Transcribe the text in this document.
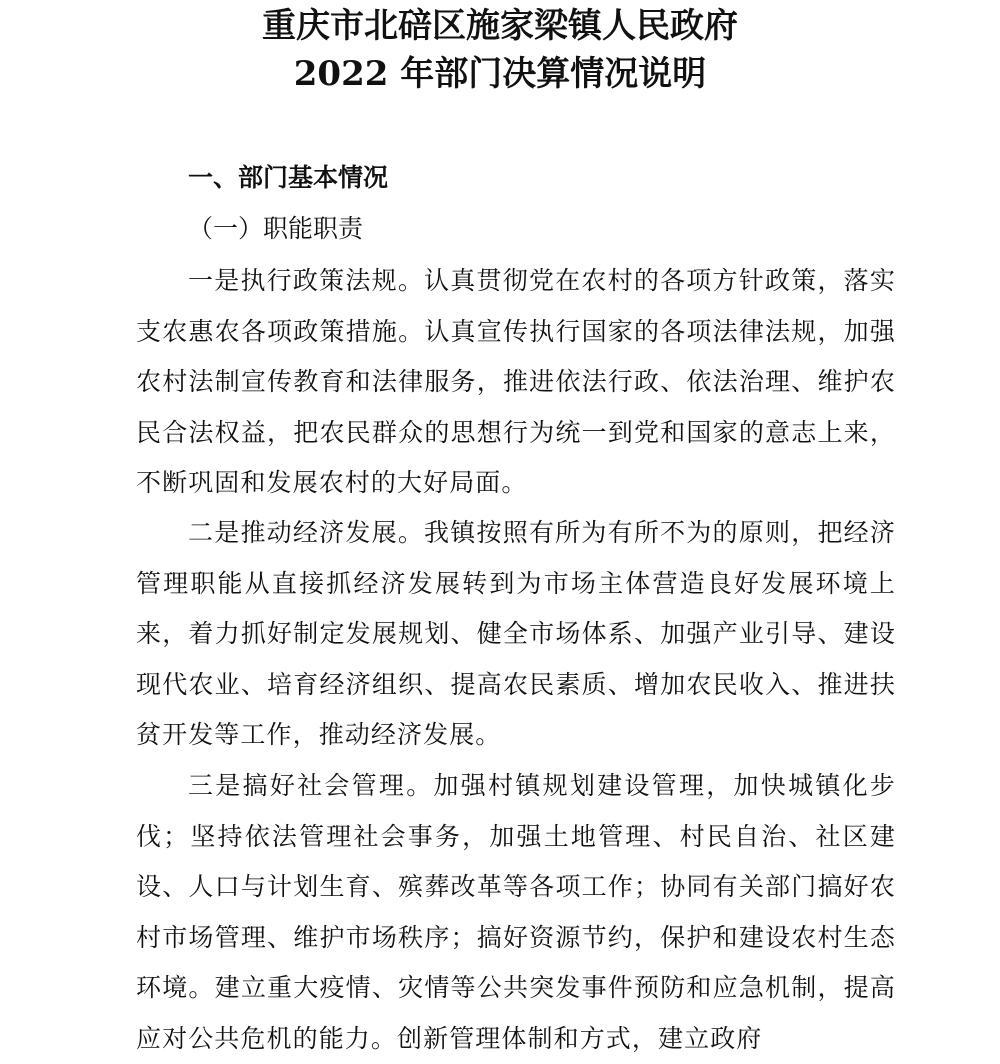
重庆市北碚区施家梁镇人民政府
2022 年部门决算情况说明
一、部门基本情况
（一）职能职责

一是执行政策法规。认真贯彻党在农村的各项方针政策，落实支农惠农各项政策措施。认真宣传执行国家的各项法律法规，加强农村法制宣传教育和法律服务，推进依法行政、依法治理、维护农民合法权益，把农民群众的思想行为统一到党和国家的意志上来，不断巩固和发展农村的大好局面。

二是推动经济发展。我镇按照有所为有所不为的原则，把经济管理职能从直接抓经济发展转到为市场主体营造良好发展环境上来，着力抓好制定发展规划、健全市场体系、加强产业引导、建设现代农业、培育经济组织、提高农民素质、增加农民收入、推进扶贫开发等工作，推动经济发展。

三是搞好社会管理。加强村镇规划建设管理，加快城镇化步伐；坚持依法管理社会事务，加强土地管理、村民自治、社区建设、人口与计划生育、殡葬改革等各项工作；协同有关部门搞好农村市场管理、维护市场秩序；搞好资源节约，保护和建设农村生态环境。建立重大疫情、灾情等公共突发事件预防和应急机制，提高应对公共危机的能力。创新管理体制和方式，建立政府
